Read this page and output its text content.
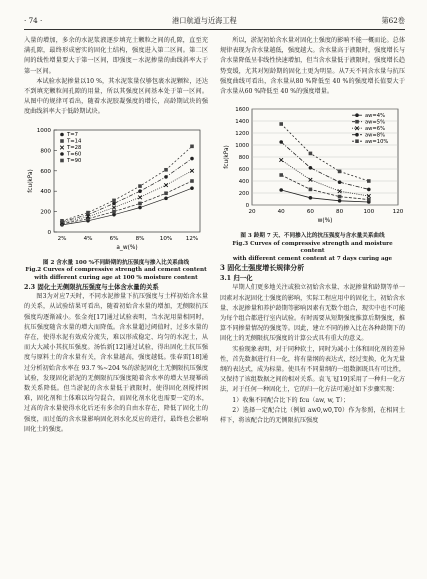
· 74 ·	港口航道与近海工程	第62卷

入量的增加，多余的水泥浆液逐步填充土颗粒之间的孔隙，直至充满孔隙，最终形成密实的固化土结构，强度进入第二区间。第二区间的线性增量要大于第一区间，即强度－水泥掺量的曲线斜率大于第一区间。

本试验水泥掺量以10 %，其水泥浆量仅够包裹水泥颗粒，还达不到填充颗粒间孔隙的用量，所以其强度区间基本处于第一区间。从图中的规律可看出，随着水泥胶凝强度的增长，高龄期试块的强度曲线斜率大于低龄期试块。

0
200
400
600
800
1000
2%	4%	6%	8%	10% 12%
a_w(%)
fcu(kPa)
T=7
T=14
T=28
T=60
T=90
图 2 含水量 100 %不同龄期的抗压强度与掺入比关系曲线
Fig.2 Curves of compressive strength and cement content
with different curing age at 100 % moisture content

2.3 固化土无侧限抗压强度与土体含水量的关系

图3为对应7天时，不同水泥掺量下抗压强度与土样初始含水量的关系，从试验结果可看出，随着初始含水量的增加，无侧限抗压强度均逐渐减小。张金亮[17]通过试验表明，当水泥用量相同时，抗压强度随含水量的增大而降低。含水量超过阈值时，过多水量的存在，使得水泥有效成分流失，难以形成稳定、均匀的水泥土，从而大大减小其抗压强度。汤怡新[12]通过试验，得出固化土抗压强度与原料土的含水量有关，含水量越高，强度越低。张春雷[18]通过分析初始含水率在 93.7 %~204 %的淤泥固化土无侧限抗压强度试验，发现固化淤泥的无侧限抗压强度随着含水率的增大呈现幂函数关系降低。但当淤泥的含水量低于液限时，使得固化剂搅拌困难，固化剂和土体难以均匀混合，而固化剂水化也需要一定的水，过高的含水量使得水化后还有多余的自由水存在，降低了固化土的强度，而过低的含水量影响固化剂水化反应的进行，最终也会影响固化土的强度。

所以，淤泥初始含水量对固化土强度的影响不能一概而论。总体规律表现为含水量越低，强度越大。含水量高于液限时，强度增长与含水量降低呈非线性快速增加，但当含水量低于液限时，强度增长趋势变缓，尤其对短龄期的固化土更为明显。从7天不同含水量与抗压强度曲线可看出，含水量从80 %降低至 40 %的强度增长值要大于含水量从60 %降低至 40 %的强度增量。

0
200
400
600
800
1000
1200
1400
1600
20	40	60	80	100	120
w(%)
fcu(kPa)
aw=4%
aw=5%
aw=6%
aw=8%
aw=10%
图 3 龄期 7 天、不同掺入比的抗压强度与含水量关系曲线
Fig.3 Curves of compressive strength and moisture content
with different cement content at 7 days curing age

3 固化土强度增长规律分析

3.1 归一化

早期人们更多地关注或独立初始含水量、水泥掺量和龄期等单一因素对水泥固化土强度的影响，实际工程应用中的固化土，初始含水量、水泥掺量和养护龄期等影响因素有无数个组合，现实中也不可能为每个组合都进行室内试验。有时需要从短期强度推算后期强度，推算不同掺量情况的强度等。因此，建立不同的掺入比在各种龄期下的固化土的无侧限抗压强度的计算公式具有重大的意义。

实验现象表明，对于同种软土，同时为减小土体和固化剂的差异性，首先数据进行归一化，将有量纲的表达式，经过变换，化为无量纲的表达式，成为标量。使具有不同量纲的一组数据既具有可比性，又保持了该组数据之间的相对关系。袁飞飞[19]采用了一种归一化方法，对于任何一种固化土，它的归一化方法可通过如下步骤实现：

1）收集不同配合比下的 fcu（aw, w, T）；

2）选择一定配合比（例如 aw0,w0,T0）作为参照，在相同土样下，将该配合比的无侧限抗压强度
